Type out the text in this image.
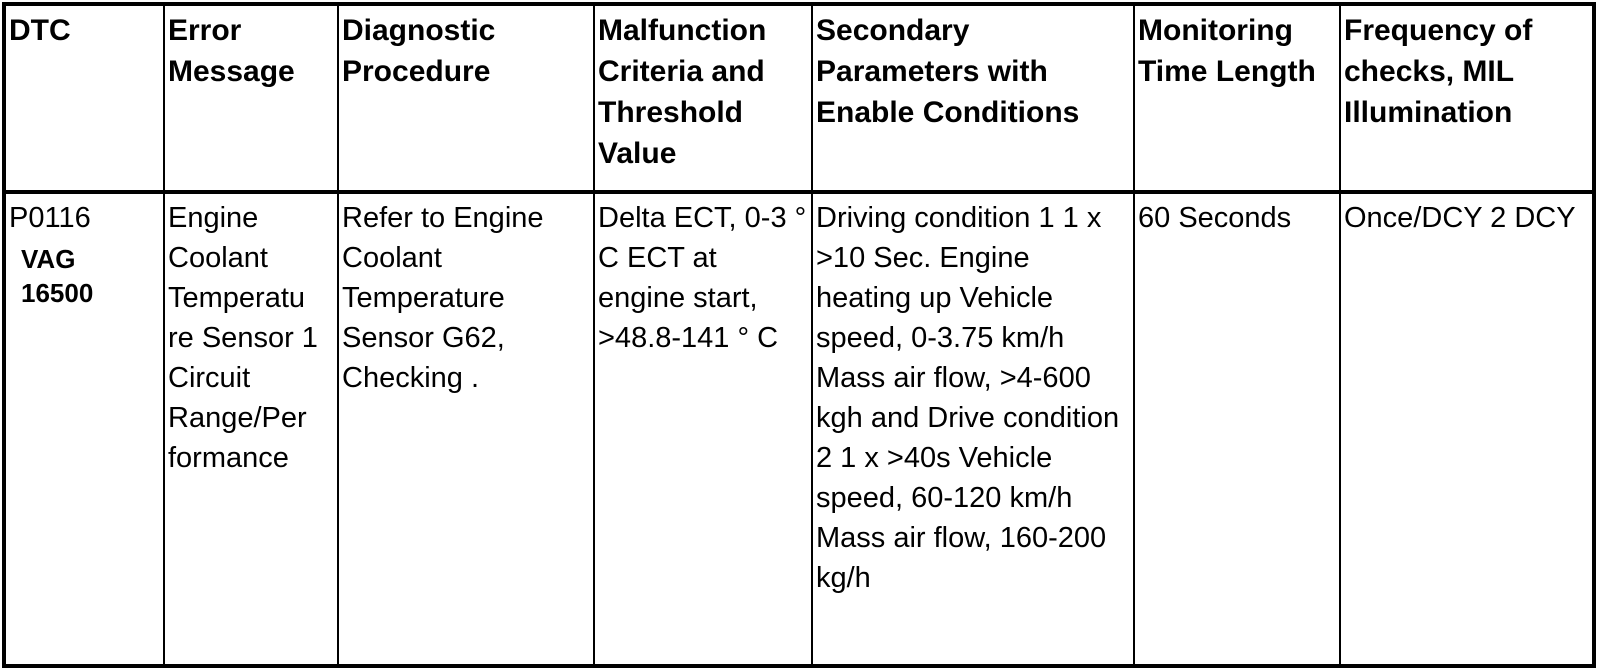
DTC	Error Message	Diagnostic Procedure	Malfunction Criteria and Threshold Value	Secondary Parameters with Enable Conditions	Monitoring Time Length	Frequency of checks, MIL Illumination

P0116
VAG
16500	Engine Coolant Temperatu re Sensor 1 Circuit Range/Per formance	Refer to Engine Coolant Temperature Sensor G62, Checking .	Delta ECT, 0-3 ° C ECT at engine start, >48.8-141 ° C	Driving condition 1 1 x >10 Sec. Engine heating up Vehicle speed, 0-3.75 km/h Mass air flow, >4-600 kgh and Drive condition 2 1 x >40s Vehicle speed, 60-120 km/h Mass air flow, 160-200 kg/h	60 Seconds	Once/DCY 2 DCY
